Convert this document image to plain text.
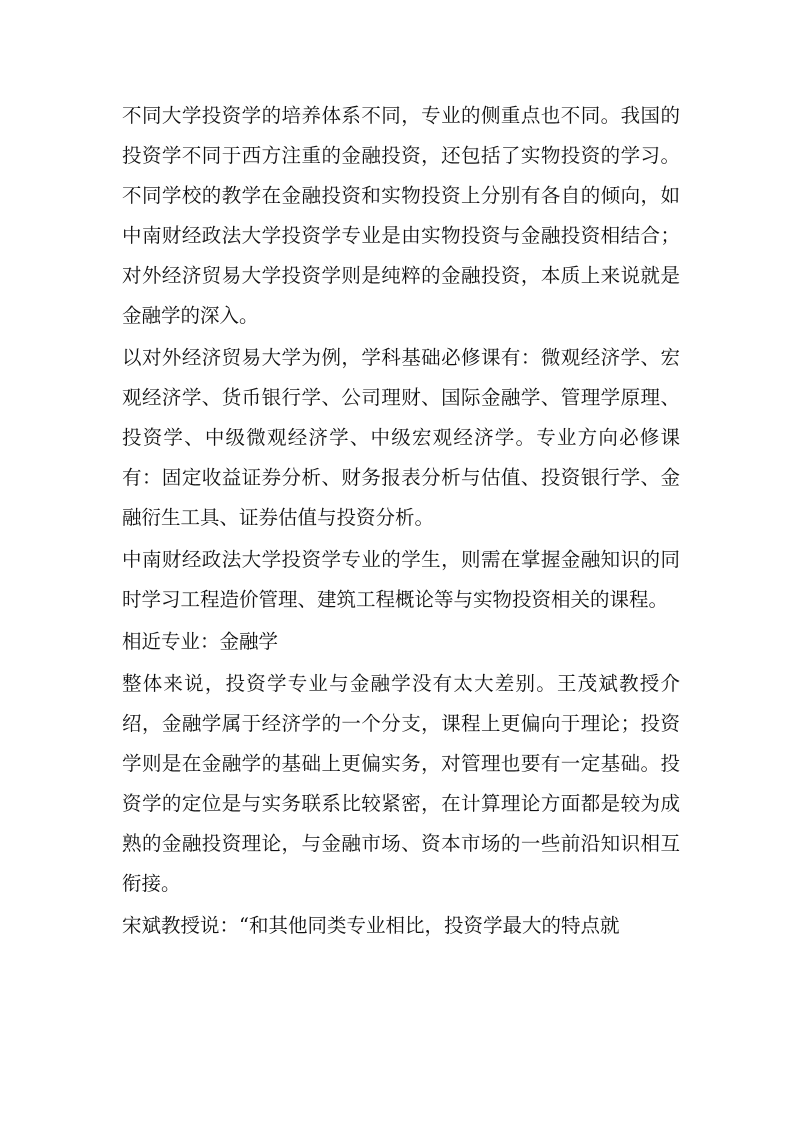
不同大学投资学的培养体系不同，专业的侧重点也不同。我国的投资学不同于西方注重的金融投资，还包括了实物投资的学习。不同学校的教学在金融投资和实物投资上分别有各自的倾向，如中南财经政法大学投资学专业是由实物投资与金融投资相结合；对外经济贸易大学投资学则是纯粹的金融投资，本质上来说就是金融学的深入。

以对外经济贸易大学为例，学科基础必修课有：微观经济学、宏观经济学、货币银行学、公司理财、国际金融学、管理学原理、投资学、中级微观经济学、中级宏观经济学。专业方向必修课有：固定收益证券分析、财务报表分析与估值、投资银行学、金融衍生工具、证券估值与投资分析。

中南财经政法大学投资学专业的学生，则需在掌握金融知识的同时学习工程造价管理、建筑工程概论等与实物投资相关的课程。

相近专业：金融学

整体来说，投资学专业与金融学没有太大差别。王茂斌教授介绍，金融学属于经济学的一个分支，课程上更偏向于理论；投资学则是在金融学的基础上更偏实务，对管理也要有一定基础。投资学的定位是与实务联系比较紧密，在计算理论方面都是较为成熟的金融投资理论，与金融市场、资本市场的一些前沿知识相互衔接。

宋斌教授说：“和其他同类专业相比，投资学最大的特点就
